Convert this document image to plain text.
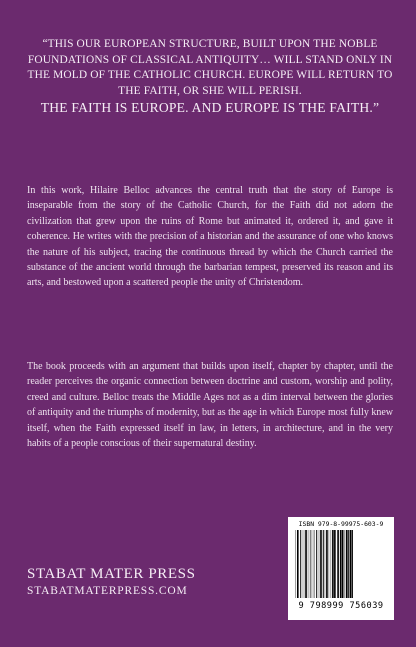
“THIS OUR EUROPEAN STRUCTURE, BUILT UPON THE NOBLE FOUNDATIONS OF CLASSICAL ANTIQUITY… WILL STAND ONLY IN THE MOLD OF THE CATHOLIC CHURCH. EUROPE WILL RETURN TO THE FAITH, OR SHE WILL PERISH.
THE FAITH IS EUROPE. AND EUROPE IS THE FAITH.”

In this work, Hilaire Belloc advances the central truth that the story of Europe is inseparable from the story of the Catholic Church, for the Faith did not adorn the civilization that grew upon the ruins of Rome but animated it, ordered it, and gave it coherence. He writes with the precision of a historian and the assurance of one who knows the nature of his subject, tracing the continuous thread by which the Church carried the substance of the ancient world through the barbarian tempest, preserved its reason and its arts, and bestowed upon a scattered people the unity of Christendom.

The book proceeds with an argument that builds upon itself, chapter by chapter, until the reader perceives the organic connection between doctrine and custom, worship and polity, creed and culture. Belloc treats the Middle Ages not as a dim interval between the glories of antiquity and the triumphs of modernity, but as the age in which Europe most fully knew itself, when the Faith expressed itself in law, in letters, in architecture, and in the very habits of a people conscious of their supernatural destiny.

STABAT MATER PRESS
STABATMATERPRESS.COM
ISBN 979-8-99975-603-9
9 798999 756039
